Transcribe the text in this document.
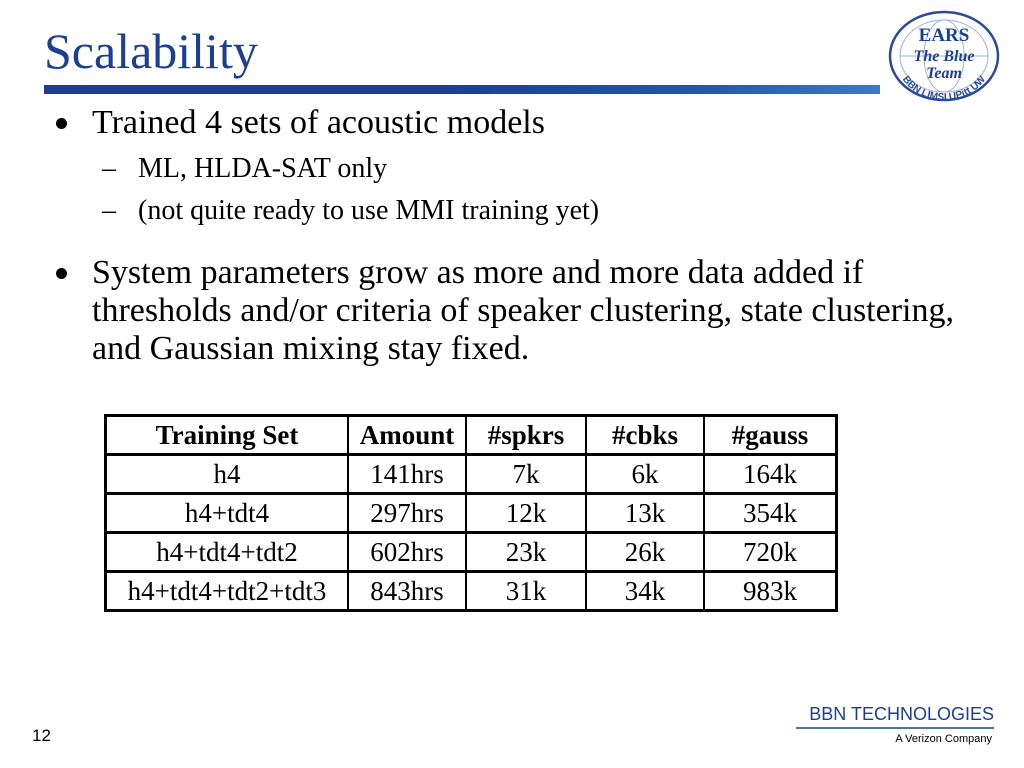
Scalability	EARS
The Blue
Team
BBN LIMSI UPitt UW
Trained 4 sets of acoustic models
– ML, HLDA-SAT only
– (not quite ready to use MMI training yet)
System parameters grow as more and more data added if thresholds and/or criteria of speaker clustering, state clustering, and Gaussian mixing stay fixed.
Training Set	Amount	#spkrs	#cbks	#gauss
h4	141hrs	7k	6k	164k
h4+tdt4	297hrs	12k	13k	354k
h4+tdt4+tdt2	602hrs	23k	26k	720k
h4+tdt4+tdt2+tdt3	843hrs	31k	34k	983k
12
BBN TECHNOLOGIES
A Verizon Company
